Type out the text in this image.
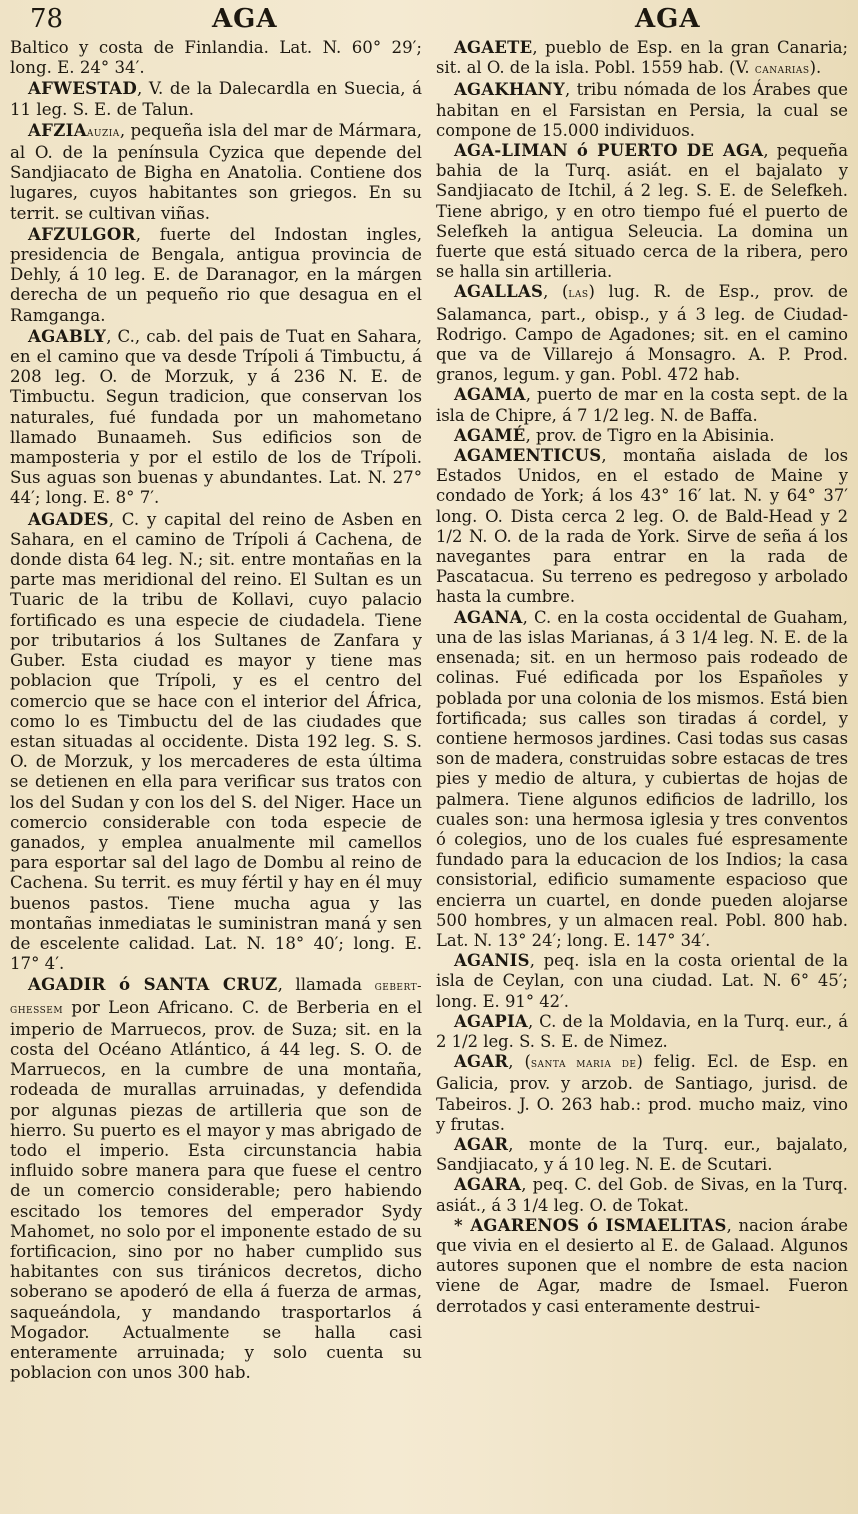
78	AGA	AGA

Baltico y costa de Finlandia. Lat. N. 60° 29′; long. E. 24° 34′.

AFWESTAD, V. de la Dalecardla en Suecia, á 11 leg. S. E. de Talun.

AFZIAauzia, pequeña isla del mar de Mármara, al O. de la península Cyzica que depende del Sandjiacato de Bigha en Anatolia. Contiene dos lugares, cuyos habitantes son griegos. En su territ. se cultivan viñas.

AFZULGOR, fuerte del Indostan ingles, presidencia de Bengala, antigua provincia de Dehly, á 10 leg. E. de Daranagor, en la márgen derecha de un pequeño rio que desagua en el Ramganga.

AGABLY, C., cab. del pais de Tuat en Sahara, en el camino que va desde Trípoli á Timbuctu, á 208 leg. O. de Morzuk, y á 236 N. E. de Timbuctu. Segun tradicion, que conservan los naturales, fué fundada por un mahometano llamado Bunaameh. Sus edificios son de mamposteria y por el estilo de los de Trípoli. Sus aguas son buenas y abundantes. Lat. N. 27° 44′; long. E. 8° 7′.

AGADES, C. y capital del reino de Asben en Sahara, en el camino de Trípoli á Cachena, de donde dista 64 leg. N.; sit. entre montañas en la parte mas meridional del reino. El Sultan es un Tuaric de la tribu de Kollavi, cuyo palacio fortificado es una especie de ciudadela. Tiene por tributarios á los Sultanes de Zanfara y Guber. Esta ciudad es mayor y tiene mas poblacion que Trípoli, y es el centro del comercio que se hace con el interior del África, como lo es Timbuctu del de las ciudades que estan situadas al occidente. Dista 192 leg. S. S. O. de Morzuk, y los mercaderes de esta última se detienen en ella para verificar sus tratos con los del Sudan y con los del S. del Niger. Hace un comercio considerable con toda especie de ganados, y emplea anualmente mil camellos para esportar sal del lago de Dombu al reino de Cachena. Su territ. es muy fértil y hay en él muy buenos pastos. Tiene mucha agua y las montañas inmediatas le suministran maná y sen de escelente calidad. Lat. N. 18° 40′; long. E. 17° 4′.

AGADIR ó SANTA CRUZ, llamada gebert-ghessem por Leon Africano. C. de Berberia en el imperio de Marruecos, prov. de Suza; sit. en la costa del Océano Atlántico, á 44 leg. S. O. de Marruecos, en la cumbre de una montaña, rodeada de murallas arruinadas, y defendida por algunas piezas de artilleria que son de hierro. Su puerto es el mayor y mas abrigado de todo el imperio. Esta circunstancia habia influido sobre manera para que fuese el centro de un comercio considerable; pero habiendo escitado los temores del emperador Sydy Mahomet, no solo por el imponente estado de su fortificacion, sino por no haber cumplido sus habitantes con sus tiránicos decretos, dicho soberano se apoderó de ella á fuerza de armas, saqueándola, y mandando trasportarlos á Mogador. Actualmente se halla casi enteramente arruinada; y solo cuenta su poblacion con unos 300 hab.

AGAETE, pueblo de Esp. en la gran Canaria; sit. al O. de la isla. Pobl. 1559 hab. (V. canarias).

AGAKHANY, tribu nómada de los Árabes que habitan en el Farsistan en Persia, la cual se compone de 15.000 individuos.

AGA-LIMAN ó PUERTO DE AGA, pequeña bahia de la Turq. asiát. en el bajalato y Sandjiacato de Itchil, á 2 leg. S. E. de Selefkeh. Tiene abrigo, y en otro tiempo fué el puerto de Selefkeh la antigua Seleucia. La domina un fuerte que está situado cerca de la ribera, pero se halla sin artilleria.

AGALLAS, (las) lug. R. de Esp., prov. de Salamanca, part., obisp., y á 3 leg. de Ciudad-Rodrigo. Campo de Agadones; sit. en el camino que va de Villarejo á Monsagro. A. P. Prod. granos, legum. y gan. Pobl. 472 hab.

AGAMA, puerto de mar en la costa sept. de la isla de Chipre, á 7 1/2 leg. N. de Baffa.

AGAMÉ, prov. de Tigro en la Abisinia.

AGAMENTICUS, montaña aislada de los Estados Unidos, en el estado de Maine y condado de York; á los 43° 16′ lat. N. y 64° 37′ long. O. Dista cerca 2 leg. O. de Bald-Head y 2 1/2 N. O. de la rada de York. Sirve de seña á los navegantes para entrar en la rada de Pascatacua. Su terreno es pedregoso y arbolado hasta la cumbre.

AGANA, C. en la costa occidental de Guaham, una de las islas Marianas, á 3 1/4 leg. N. E. de la ensenada; sit. en un hermoso pais rodeado de colinas. Fué edificada por los Españoles y poblada por una colonia de los mismos. Está bien fortificada; sus calles son tiradas á cordel, y contiene hermosos jardines. Casi todas sus casas son de madera, construidas sobre estacas de tres pies y medio de altura, y cubiertas de hojas de palmera. Tiene algunos edificios de ladrillo, los cuales son: una hermosa iglesia y tres conventos ó colegios, uno de los cuales fué espresamente fundado para la educacion de los Indios; la casa consistorial, edificio sumamente espacioso que encierra un cuartel, en donde pueden alojarse 500 hombres, y un almacen real. Pobl. 800 hab. Lat. N. 13° 24′; long. E. 147° 34′.

AGANIS, peq. isla en la costa oriental de la isla de Ceylan, con una ciudad. Lat. N. 6° 45′; long. E. 91° 42′.

AGAPIA, C. de la Moldavia, en la Turq. eur., á 2 1/2 leg. S. S. E. de Nimez.

AGAR, (santa maria de) felig. Ecl. de Esp. en Galicia, prov. y arzob. de Santiago, jurisd. de Tabeiros. J. O. 263 hab.: prod. mucho maiz, vino y frutas.

AGAR, monte de la Turq. eur., bajalato, Sandjiacato, y á 10 leg. N. E. de Scutari.

AGARA, peq. C. del Gob. de Sivas, en la Turq. asiát., á 3 1/4 leg. O. de Tokat.

* AGARENOS ó ISMAELITAS, nacion árabe que vivia en el desierto al E. de Galaad. Algunos autores suponen que el nombre de esta nacion viene de Agar, madre de Ismael. Fueron derrotados y casi enteramente destrui-
